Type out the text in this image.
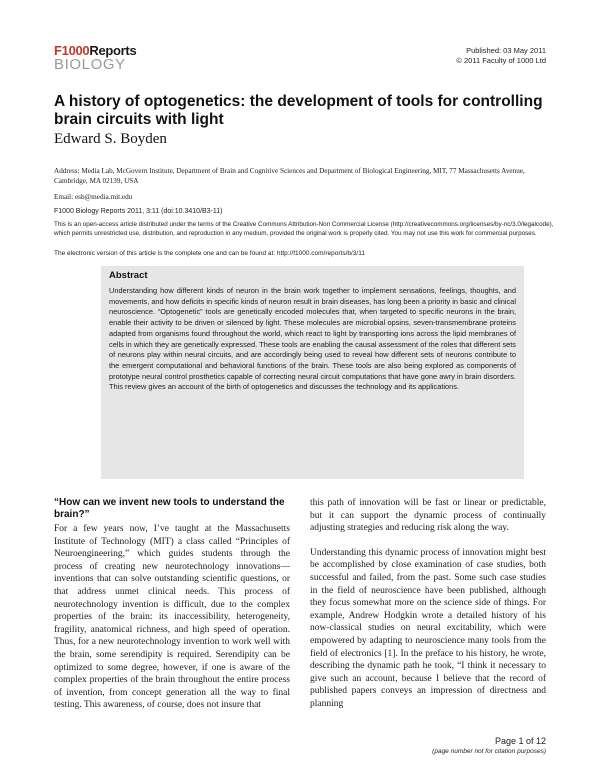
F1000Reports
BIOLOGY
Published: 03 May 2011
© 2011 Faculty of 1000 Ltd
A history of optogenetics: the development of tools for controlling brain circuits with light
Edward S. Boyden
Address: Media Lab, McGovern Institute, Department of Brain and Cognitive Sciences and Department of Biological Engineering, MIT, 77 Massachusetts Avenue, Cambridge, MA 02139, USA
Email: esb@media.mit.edu
F1000 Biology Reports 2011, 3:11 (doi:10.3410/B3-11)
This is an open-access article distributed under the terms of the Creative Commons Attribution-Non Commercial License (http://creativecommons.org/licenses/by-nc/3.0/legalcode), which permits unrestricted use, distribution, and reproduction in any medium, provided the original work is properly cited. You may not use this work for commercial purposes.
The electronic version of this article is the complete one and can be found at: http://f1000.com/reports/b/3/11
Abstract

Understanding how different kinds of neuron in the brain work together to implement sensations, feelings, thoughts, and movements, and how deficits in specific kinds of neuron result in brain diseases, has long been a priority in basic and clinical neuroscience. “Optogenetic” tools are genetically encoded molecules that, when targeted to specific neurons in the brain, enable their activity to be driven or silenced by light. These molecules are microbial opsins, seven-transmembrane proteins adapted from organisms found throughout the world, which react to light by transporting ions across the lipid membranes of cells in which they are genetically expressed. These tools are enabling the causal assessment of the roles that different sets of neurons play within neural circuits, and are accordingly being used to reveal how different sets of neurons contribute to the emergent computational and behavioral functions of the brain. These tools are also being explored as components of prototype neural control prosthetics capable of correcting neural circuit computations that have gone awry in brain disorders. This review gives an account of the birth of optogenetics and discusses the technology and its applications.

“How can we invent new tools to understand the brain?”

For a few years now, I’ve taught at the Massachusetts Institute of Technology (MIT) a class called “Principles of Neuroengineering,” which guides students through the process of creating new neurotechnology innovations—inventions that can solve outstanding scientific questions, or that address unmet clinical needs. This process of neurotechnology invention is difficult, due to the complex properties of the brain: its inaccessibility, heterogeneity, fragility, anatomical richness, and high speed of operation. Thus, for a new neurotechnology invention to work well with the brain, some serendipity is required. Serendipity can be optimized to some degree, however, if one is aware of the complex properties of the brain throughout the entire process of invention, from concept generation all the way to final testing. This awareness, of course, does not insure that

this path of innovation will be fast or linear or predictable, but it can support the dynamic process of continually adjusting strategies and reducing risk along the way.

Understanding this dynamic process of innovation might best be accomplished by close examination of case studies, both successful and failed, from the past. Some such case studies in the field of neuroscience have been published, although they focus somewhat more on the science side of things. For example, Andrew Hodgkin wrote a detailed history of his now-classical studies on neural excitability, which were empowered by adapting to neuroscience many tools from the field of electronics [1]. In the preface to his history, he wrote, describing the dynamic path he took, “I think it necessary to give such an account, because I believe that the record of published papers conveys an impression of directness and planning

Page 1 of 12
(page number not for citation purposes)
